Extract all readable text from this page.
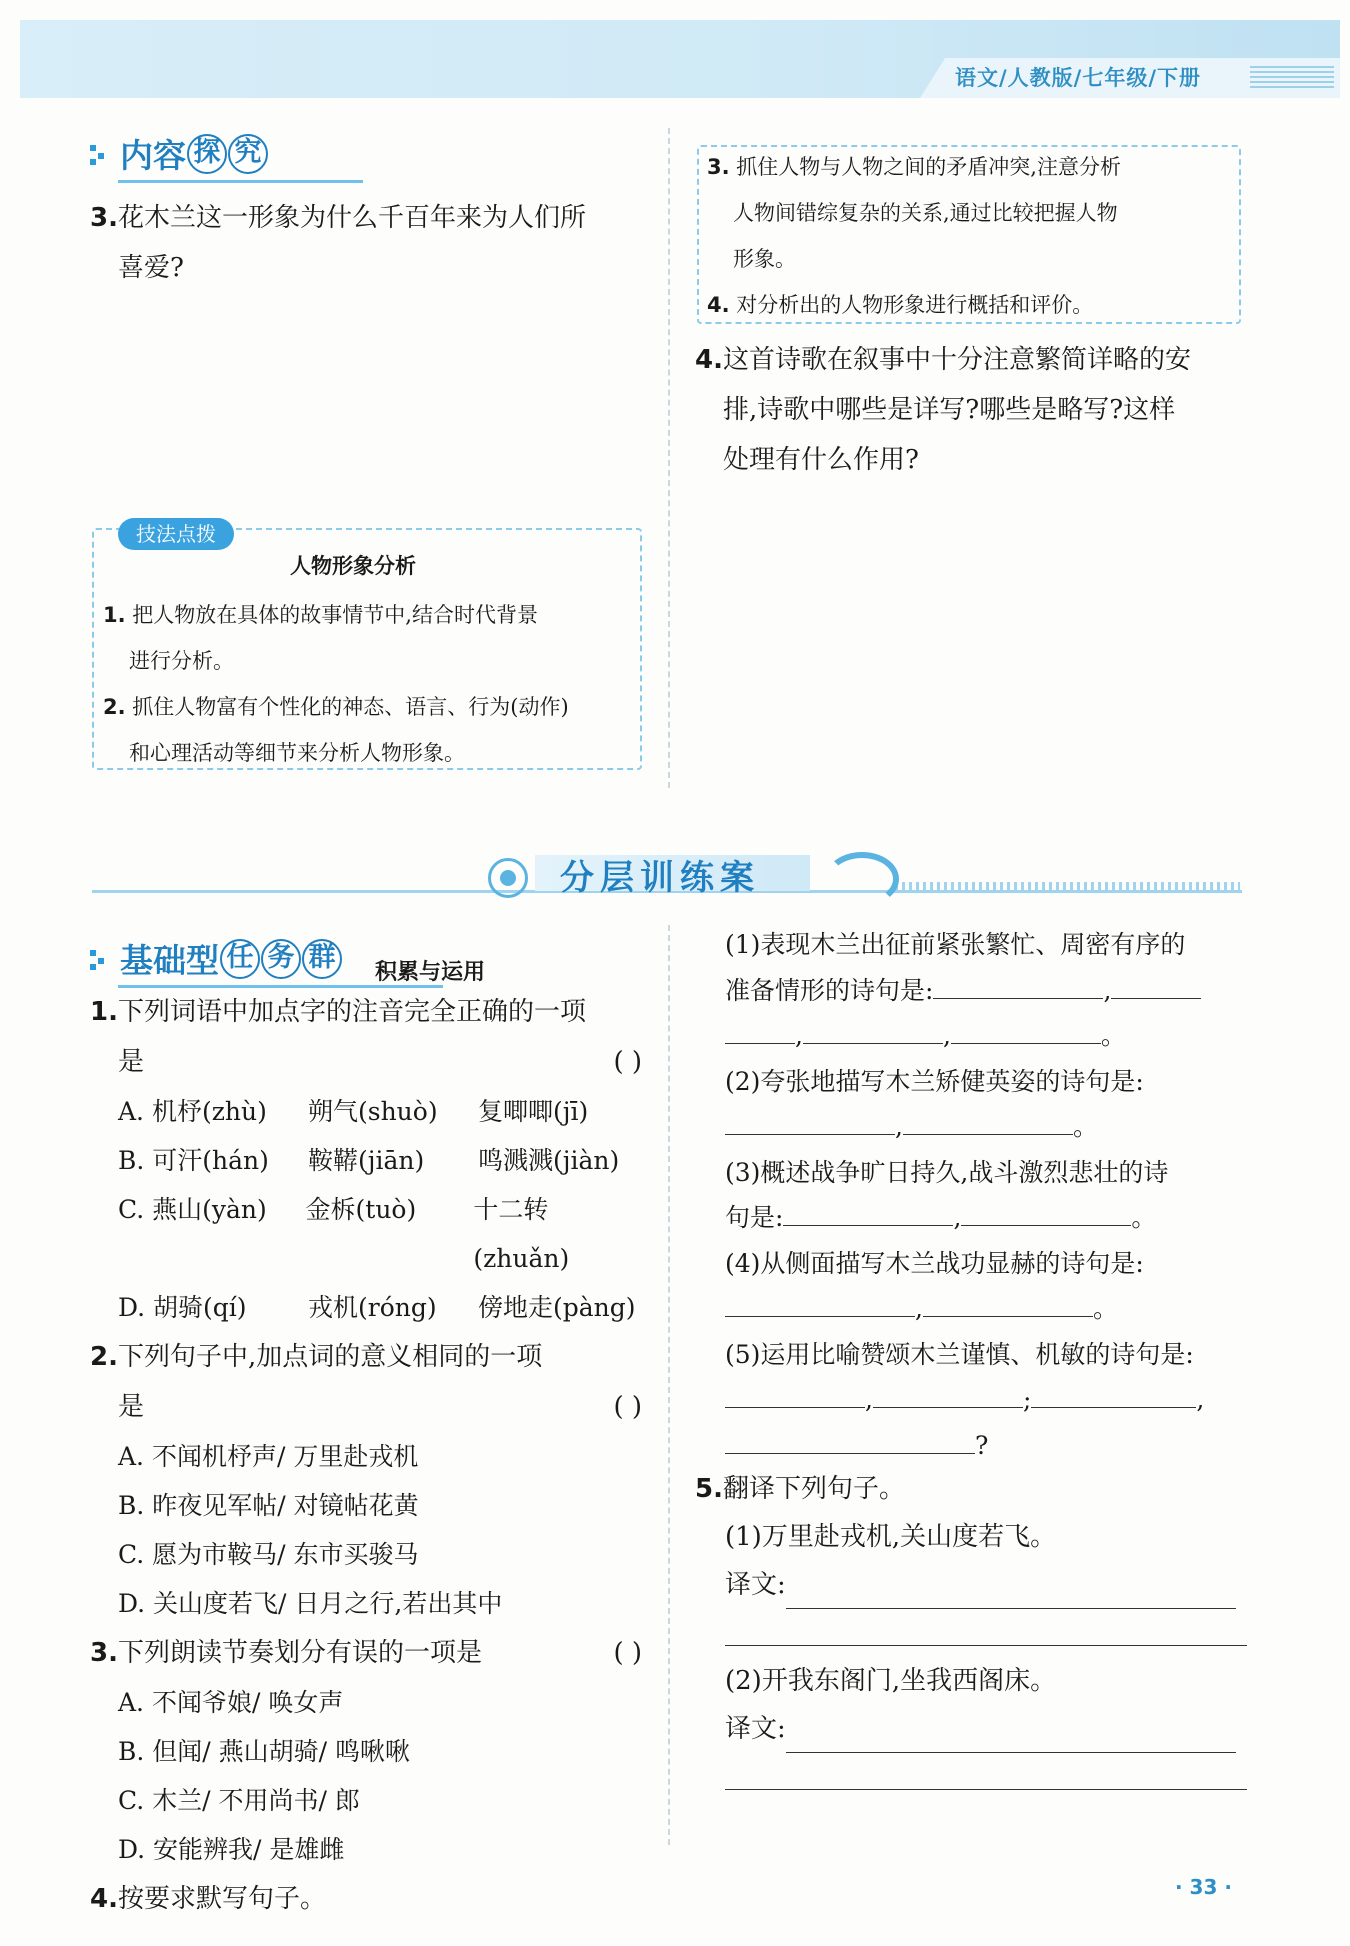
语文/人教版/七年级/下册
内容 探 究
3.花木兰这一形象为什么千百年来为人们所
喜爱?
技法点拨
人物形象分析
1. 把人物放在具体的故事情节中,结合时代背景
进行分析。
2. 抓住人物富有个性化的神态、语言、行为(动作)
和心理活动等细节来分析人物形象。
3. 抓住人物与人物之间的矛盾冲突,注意分析
人物间错综复杂的关系,通过比较把握人物
形象。
4. 对分析出的人物形象进行概括和评价。
4.这首诗歌在叙事中十分注意繁简详略的安
排,诗歌中哪些是详写?哪些是略写?这样
处理有什么作用?
分层训练案
基础型 任 务 群 积累与运用
1.下列词语中加点字的注音完全正确的一项
是	( )
A. 机杼(zhù)	朔气(shuò)	复唧唧(jī)
B. 可汗(hán)	鞍鞯(jiān)	鸣溅溅(jiàn)
C. 燕山(yàn)	金柝(tuò)	十二转(zhuǎn)
D. 胡骑(qí)	戎机(róng)	傍地走(pàng)
2.下列句子中,加点词的意义相同的一项
是	( )
A. 不闻机杼声/ 万里赴戎机
B. 昨夜见军帖/ 对镜帖花黄
C. 愿为市鞍马/ 东市买骏马
D. 关山度若飞/ 日月之行,若出其中
3.下列朗读节奏划分有误的一项是	( )
A. 不闻爷娘/ 唤女声
B. 但闻/ 燕山胡骑/ 鸣啾啾
C. 木兰/ 不用尚书/ 郎
D. 安能辨我/ 是雄雌
4.按要求默写句子。
(1)表现木兰出征前紧张繁忙、周密有序的
准备情形的诗句是:	,
,	,	。
(2)夸张地描写木兰矫健英姿的诗句是:
,	。
(3)概述战争旷日持久,战斗激烈悲壮的诗
句是:	,	。
(4)从侧面描写木兰战功显赫的诗句是:
,	。
(5)运用比喻赞颂木兰谨慎、机敏的诗句是:
,	;	,
?
5.翻译下列句子。
(1)万里赴戎机,关山度若飞。
译文:
(2)开我东阁门,坐我西阁床。
译文:
· 33 ·
